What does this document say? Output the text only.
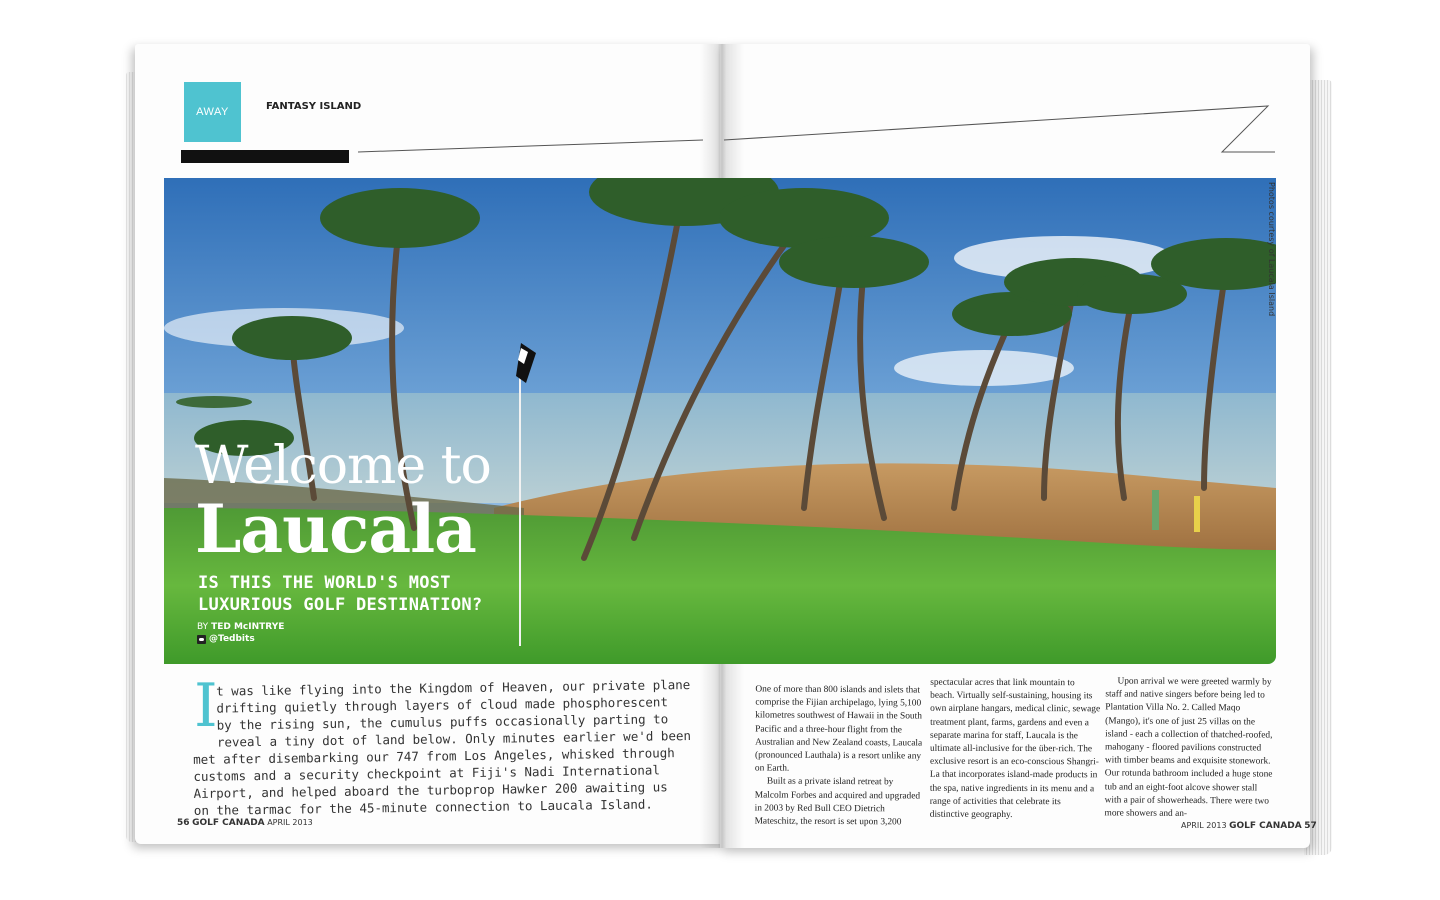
AWAY	FANTASY ISLAND
Photos courtesy of Laucala Island
Welcome to
Laucala
IS THIS THE WORLD'S MOST LUXURIOUS GOLF DESTINATION?
BY TED McINTRYE
@Tedbits
I
t was like flying into the Kingdom of Heaven, our private plane
drifting quietly through layers of cloud made phosphorescent
by the rising sun, the cumulus puffs occasionally parting to
reveal a tiny dot of land below. Only minutes earlier we'd been
met after disembarking our 747 from Los Angeles, whisked through
customs and a security checkpoint at Fiji's Nadi International
Airport, and helped aboard the turboprop Hawker 200 awaiting us
on the tarmac for the 45-minute connection to Laucala Island.

One of more than 800 islands and islets that comprise the Fijian archipelago, lying 5,100 kilometres southwest of Hawaii in the South Pacific and a three-hour flight from the Australian and New Zealand coasts, Laucala (pronounced Lauthala) is a resort unlike any on Earth.

Built as a private island retreat by Malcolm Forbes and acquired and upgraded in 2003 by Red Bull CEO Dietrich Mateschitz, the resort is set upon 3,200

spectacular acres that link mountain to beach. Virtually self-sustaining, housing its own airplane hangars, medical clinic, sewage treatment plant, farms, gardens and even a separate marina for staff, Laucala is the ultimate all-inclusive for the über-rich. The exclusive resort is an eco-conscious Shangri-La that incorporates island-made products in the spa, native ingredients in its menu and a range of activities that celebrate its distinctive geography.

Upon arrival we were greeted warmly by staff and native singers before being led to Plantation Villa No. 2. Called Maqo (Mango), it's one of just 25 villas on the island - each a collection of thatched-roofed, mahogany - floored pavilions constructed with timber beams and exquisite stonework. Our rotunda bathroom included a huge stone tub and an eight-foot alcove shower stall with a pair of showerheads. There were two more showers and an-

56 GOLF CANADA APRIL 2013	APRIL 2013 GOLF CANADA 57
